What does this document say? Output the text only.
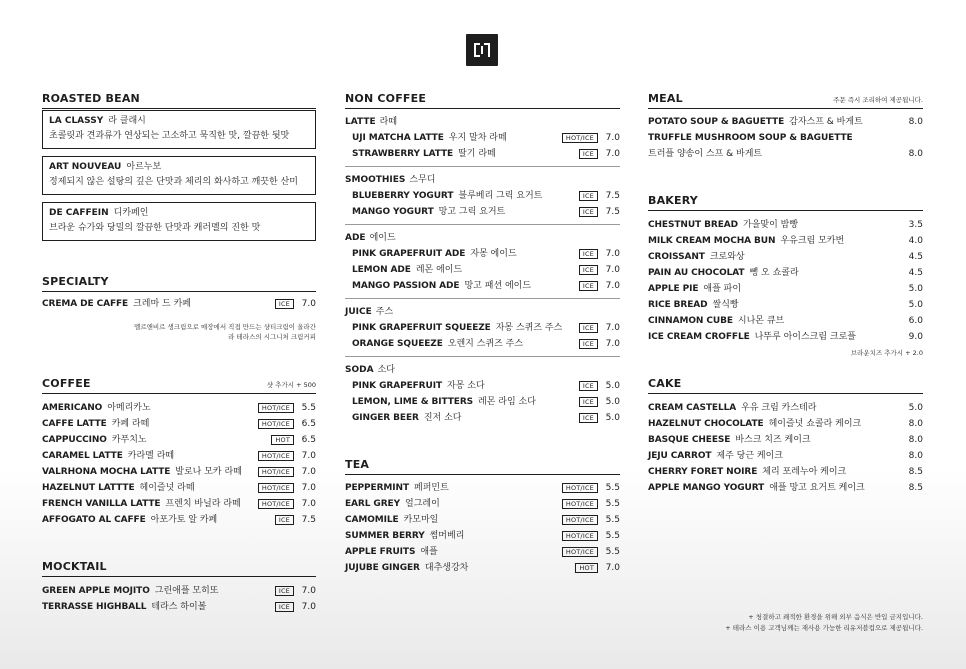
ROASTED BEAN
LA CLASSY 라 클래시
초콜릿과 견과류가 연상되는 고소하고 묵직한 맛, 깔끔한 뒷맛
ART NOUVEAU 아르누보
정제되지 않은 설탕의 깊은 단맛과 체리의 화사하고 깨끗한 산미
DE CAFFEIN 디카페인
브라운 슈가와 당밀의 깔끔한 단맛과 캐러멜의 진한 맛
SPECIALTY
CREMA DE CAFFE 크레마 드 카페	ICE	7.0
멜르앤비르 생크림으로 매장에서 직접 만드는 샹티크림이 올라간
라 테라스의 시그니처 크림커피
COFFEE	샷 추가시 + 500
AMERICANO 아메리카노	HOT/ICE	5.5
CAFFE LATTE 카페 라떼	HOT/ICE	6.5
CAPPUCCINO 카푸치노	HOT	6.5
CARAMEL LATTE 카라멜 라떼	HOT/ICE	7.0
VALRHONA MOCHA LATTE 발로나 모카 라떼	HOT/ICE	7.0
HAZELNUT LATTTE 헤이즐넛 라떼	HOT/ICE	7.0
FRENCH VANILLA LATTE 프렌치 바닐라 라떼	HOT/ICE	7.0
AFFOGATO AL CAFFE 아포가토 알 카페	ICE	7.5
MOCKTAIL
GREEN APPLE MOJITO 그린애플 모히또	ICE	7.0
TERRASSE HIGHBALL 테라스 하이볼	ICE	7.0
NON COFFEE
LATTE 라떼
UJI MATCHA LATTE 우지 말차 라떼	HOT/ICE	7.0
STRAWBERRY LATTE 딸기 라떼	ICE	7.0
SMOOTHIES 스무디
BLUEBERRY YOGURT 블루베리 그릭 요거트	ICE	7.5
MANGO YOGURT 망고 그릭 요거트	ICE	7.5
ADE 에이드
PINK GRAPEFRUIT ADE 자몽 에이드	ICE	7.0
LEMON ADE 레몬 에이드	ICE	7.0
MANGO PASSION ADE 망고 패션 에이드	ICE	7.0
JUICE 주스
PINK GRAPEFRUIT SQUEEZE 자몽 스퀴즈 주스	ICE	7.0
ORANGE SQUEEZE 오렌지 스퀴즈 주스	ICE	7.0
SODA 소다
PINK GRAPEFRUIT 자몽 소다	ICE	5.0
LEMON, LIME & BITTERS 레몬 라임 소다	ICE	5.0
GINGER BEER 진저 소다	ICE	5.0
TEA
PEPPERMINT 페퍼민트	HOT/ICE	5.5
EARL GREY 얼그레이	HOT/ICE	5.5
CAMOMILE 카모마일	HOT/ICE	5.5
SUMMER BERRY 썸머베리	HOT/ICE	5.5
APPLE FRUITS 애플	HOT/ICE	5.5
JUJUBE GINGER 대추생강차	HOT	7.0
MEAL	주문 즉시 조리하여 제공됩니다.
POTATO SOUP & BAGUETTE 감자스프 & 바게트	8.0
TRUFFLE MUSHROOM SOUP & BAGUETTE
트러플 양송이 스프 & 바게트	8.0
BAKERY
CHESTNUT BREAD 가을맞이 밤빵	3.5
MILK CREAM MOCHA BUN 우유크림 모카번	4.0
CROISSANT 크로와상	4.5
PAIN AU CHOCOLAT 뺑 오 쇼콜라	4.5
APPLE PIE 애플 파이	5.0
RICE BREAD 쌀식빵	5.0
CINNAMON CUBE 시나몬 큐브	6.0
ICE CREAM CROFFLE 나뚜루 아이스크림 크로플	9.0
브라운치즈 추가시 + 2.0
CAKE
CREAM CASTELLA 우유 크림 카스테라	5.0
HAZELNUT CHOCOLATE 헤이즐넛 쇼콜라 케이크	8.0
BASQUE CHEESE 바스크 치즈 케이크	8.0
JEJU CARROT 제주 당근 케이크	8.0
CHERRY FORET NOIRE 체리 포레누아 케이크	8.5
APPLE MANGO YOGURT 애플 망고 요거트 케이크	8.5
+ 청결하고 쾌적한 환경을 위해 외부 음식은 반입 금지입니다.
+ 테라스 이용 고객님께는 재사용 가능한 리유저블컵으로 제공됩니다.
